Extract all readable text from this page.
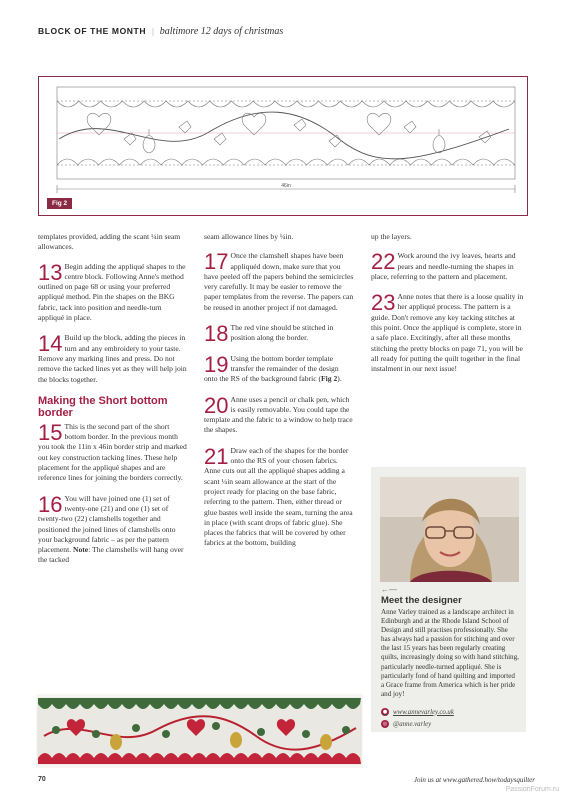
BLOCK OF THE MONTH | baltimore 12 days of christmas
46in
Fig 2

templates provided, adding the scant ¼in seam allowances.

13 Begin adding the appliqué shapes to the centre block. Following Anne's method outlined on page 68 or using your preferred appliqué method. Pin the shapes on the BKG fabric, tack into position and needle-turn appliqué in place.
14 Build up the block, adding the pieces in turn and any embroidery to your taste. Remove any marking lines and press. Do not remove the tacked lines yet as they will help join the blocks together.
Making the Short bottom border
15 This is the second part of the short bottom border. In the previous month you took the 11in x 46in border strip and marked out key construction tacking lines. These help placement for the appliqué shapes and are reference lines for joining the borders correctly.
16 You will have joined one (1) set of twenty-one (21) and one (1) set of twenty-two (22) clamshells together and positioned the joined lines of clamshells onto your background fabric – as per the pattern placement. Note: The clamshells will hang over the tacked

seam allowance lines by ¼in.

17 Once the clamshell shapes have been appliquéd down, make sure that you have peeled off the papers behind the semicircles very carefully. It may be easier to remove the paper templates from the reverse. The papers can be reused in another project if not damaged.
18 The red vine should be stitched in position along the border.
19 Using the bottom border template transfer the remainder of the design onto the RS of the background fabric (Fig 2).
20 Anne uses a pencil or chalk pen, which is easily removable. You could tape the template and the fabric to a window to help trace the shapes.
21 Draw each of the shapes for the border onto the RS of your chosen fabrics. Anne cuts out all the appliqué shapes adding a scant ¼in seam allowance at the start of the project ready for placing on the base fabric, referring to the pattern. Then, either thread or glue bastes well inside the seam, turning the area in place (with scant drops of fabric glue). She places the fabrics that will be covered by other fabrics at the bottom, building

up the layers.

22 Work around the ivy leaves, hearts and pears and needle-turning the shapes in place, referring to the pattern and placement.
23 Anne notes that there is a loose quality in her appliqué process. The pattern is a guide. Don't remove any key tacking stitches at this point. Once the appliqué is complete, store in a safe place. Excitingly, after all these months stitching the pretty blocks on page 71, you will be all ready for putting the quilt together in the final instalment in our next issue!
←—
Meet the designer
Anne Varley trained as a landscape architect in Edinburgh and at the Rhode Island School of Design and still practises professionally. She has always had a passion for stitching and over the last 15 years has been regularly creating quilts, increasingly doing so with hand stitching, particularly needle-turned appliqué. She is particularly fond of hand quilting and imported a Grace frame from America which is her pride and joy!
● www.annevarley.co.uk
◎ @anne.varley
70	Join us at www.gathered.how/todaysquilter
PassionForum.ru
